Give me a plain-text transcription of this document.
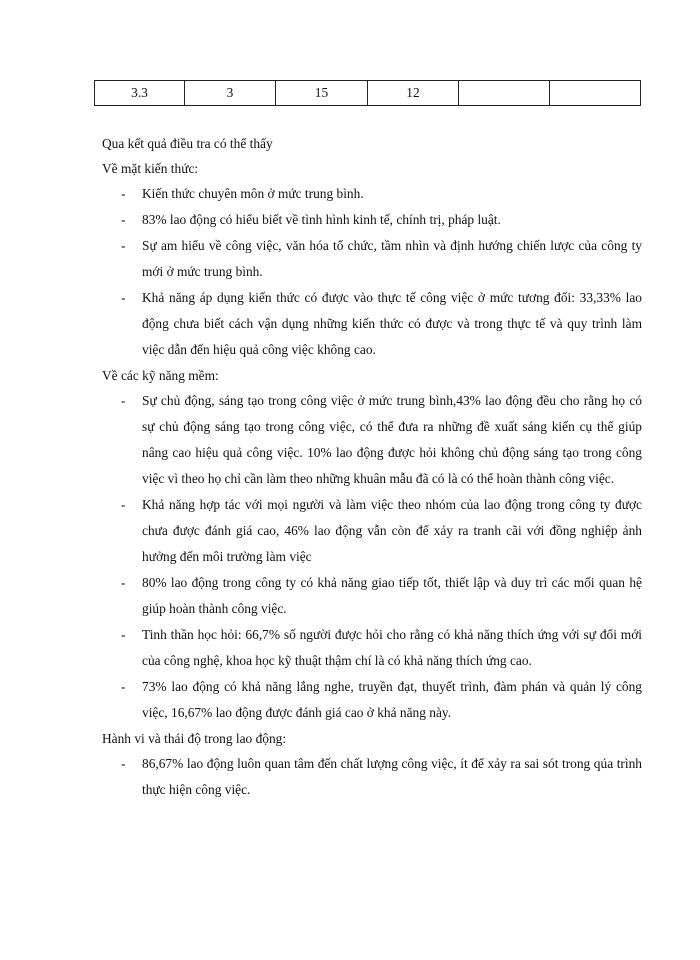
3.3	3	15	12		

Qua kết quả điều tra có thể thấy

Về mặt kiến thức:

- Kiến thức chuyên môn ở mức trung bình.
- 83% lao động có hiểu biết về tình hình kinh tế, chính trị, pháp luật.
- Sự am hiểu về công việc, văn hóa tổ chức, tầm nhìn và định hướng chiến lược của công ty mới ở mức trung bình.
- Khả năng áp dụng kiến thức có được vào thực tế công việc ở mức tương đối: 33,33% lao động chưa biết cách vận dụng những kiến thức có được và trong thực tế và quy trình làm việc dẫn đến hiệu quả công việc không cao.

Về các kỹ năng mềm:

- Sự chủ động, sáng tạo trong công việc ở mức trung bình,43% lao động đều cho rằng họ có sự chủ động sáng tạo trong công việc, có thể đưa ra những đề xuất sáng kiến cụ thể giúp nâng cao hiệu quả công việc. 10% lao động được hỏi không chủ động sáng tạo trong công việc vì theo họ chỉ cần làm theo những khuân mẫu đã có là có thể hoàn thành công việc.
- Khả năng hợp tác với mọi người và làm việc theo nhóm của lao động trong công ty được chưa được đánh giá cao, 46% lao động vẫn còn để xảy ra tranh cãi với đồng nghiệp ảnh hưởng đến môi trường làm việc
- 80% lao động trong công ty có khả năng giao tiếp tốt, thiết lập và duy trì các mối quan hệ giúp hoàn thành công việc.
- Tinh thần học hỏi: 66,7% số người được hỏi cho rằng có khả năng thích ứng với sự đổi mới của công nghệ, khoa học kỹ thuật thậm chí là có khả năng thích ứng cao.
- 73% lao động có khả năng lắng nghe, truyền đạt, thuyết trình, đàm phán và quản lý công việc, 16,67% lao động được đánh giá cao ở khả năng này.

Hành vi và thái độ trong lao động:

- 86,67% lao động luôn quan tâm đến chất lượng công việc, ít để xảy ra sai sót trong qúa trình thực hiện công việc.
